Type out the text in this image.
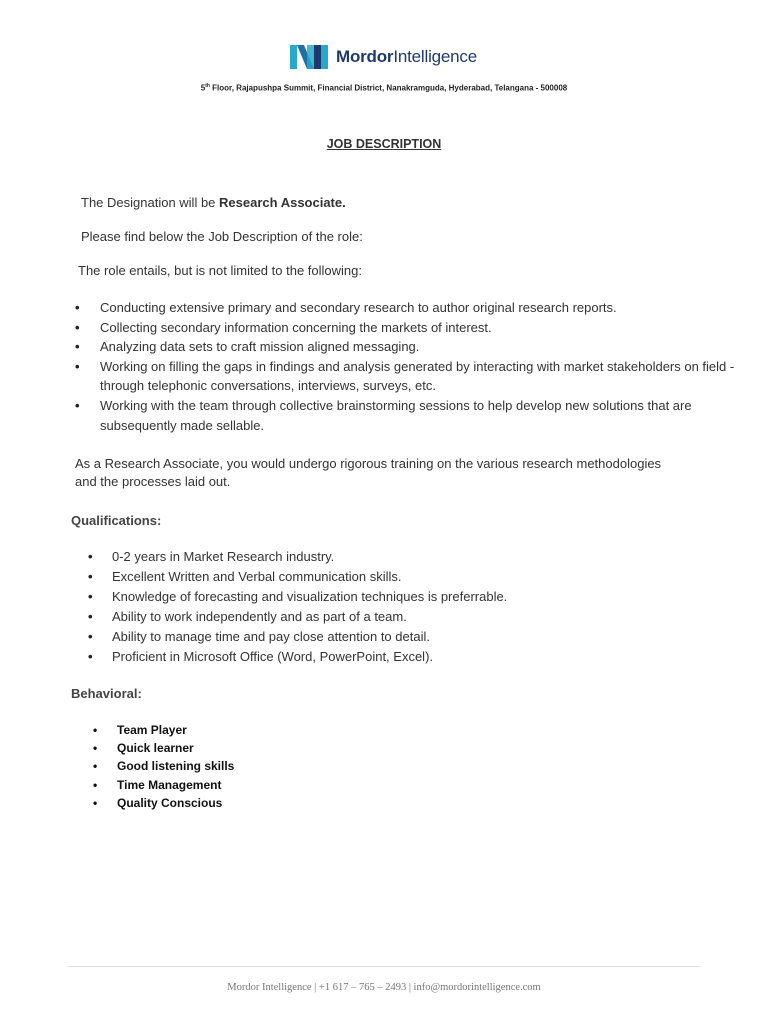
MordorIntelligence
5th Floor, Rajapushpa Summit, Financial District, Nanakramguda, Hyderabad, Telangana - 500008
JOB DESCRIPTION
The Designation will be Research Associate.
Please find below the Job Description of the role:
The role entails, but is not limited to the following:
• Conducting extensive primary and secondary research to author original research reports.
• Collecting secondary information concerning the markets of interest.
• Analyzing data sets to craft mission aligned messaging.
• Working on filling the gaps in findings and analysis generated by interacting with market stakeholders on field - through telephonic conversations, interviews, surveys, etc.
• Working with the team through collective brainstorming sessions to help develop new solutions that are subsequently made sellable.
As a Research Associate, you would undergo rigorous training on the various research methodologies
and the processes laid out.
Qualifications:
• 0-2 years in Market Research industry.
• Excellent Written and Verbal communication skills.
• Knowledge of forecasting and visualization techniques is preferrable.
• Ability to work independently and as part of a team.
• Ability to manage time and pay close attention to detail.
• Proficient in Microsoft Office (Word, PowerPoint, Excel).
Behavioral:
• Team Player
• Quick learner
• Good listening skills
• Time Management
• Quality Conscious
Mordor Intelligence | +1 617 – 765 – 2493 | info@mordorintelligence.com
